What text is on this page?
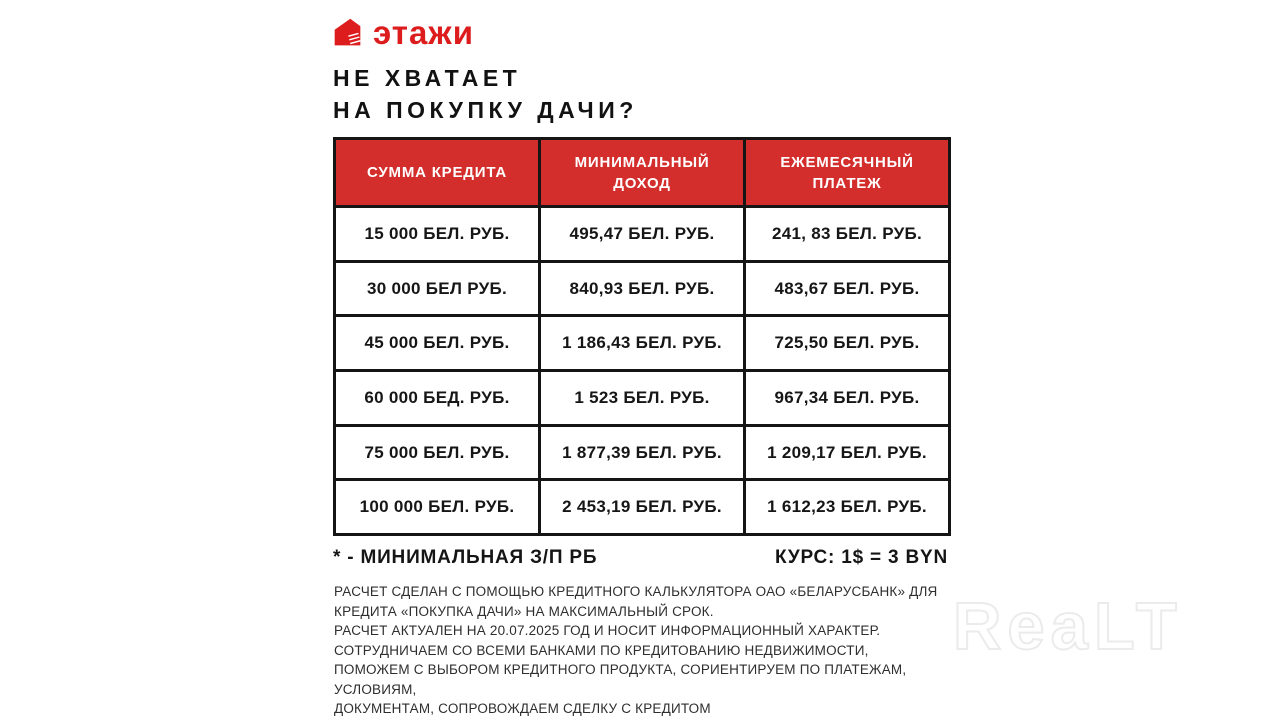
этажи
НЕ ХВАТАЕТ
НА ПОКУПКУ ДАЧИ?
СУММА КРЕДИТА	МИНИМАЛЬНЫЙ ДОХОД	ЕЖЕМЕСЯЧНЫЙ ПЛАТЕЖ
15 000 БЕЛ. РУБ.	495,47 БЕЛ. РУБ.	241, 83 БЕЛ. РУБ.
30 000 БЕЛ РУБ.	840,93 БЕЛ. РУБ.	483,67 БЕЛ. РУБ.
45 000 БЕЛ. РУБ.	1 186,43 БЕЛ. РУБ.	725,50 БЕЛ. РУБ.
60 000 БЕД. РУБ.	1 523 БЕЛ. РУБ.	967,34 БЕЛ. РУБ.
75 000 БЕЛ. РУБ.	1 877,39 БЕЛ. РУБ.	1 209,17 БЕЛ. РУБ.
100 000 БЕЛ. РУБ.	2 453,19 БЕЛ. РУБ.	1 612,23 БЕЛ. РУБ.
* - МИНИМАЛЬНАЯ З/П РБ	КУРС: 1$ = 3 BYN
РАСЧЕТ СДЕЛАН С ПОМОЩЬЮ КРЕДИТНОГО КАЛЬКУЛЯТОРА ОАО «БЕЛАРУСБАНК» ДЛЯ
КРЕДИТА «ПОКУПКА ДАЧИ» НА МАКСИМАЛЬНЫЙ СРОК.
РАСЧЕТ АКТУАЛЕН НА 20.07.2025 ГОД И НОСИТ ИНФОРМАЦИОННЫЙ ХАРАКТЕР.
СОТРУДНИЧАЕМ СО ВСЕМИ БАНКАМИ ПО КРЕДИТОВАНИЮ НЕДВИЖИМОСТИ,
ПОМОЖЕМ С ВЫБОРОМ КРЕДИТНОГО ПРОДУКТА, СОРИЕНТИРУЕМ ПО ПЛАТЕЖАМ,
УСЛОВИЯМ,
ДОКУМЕНТАМ, СОПРОВОЖДАЕМ СДЕЛКУ С КРЕДИТОМ
ReaLT
